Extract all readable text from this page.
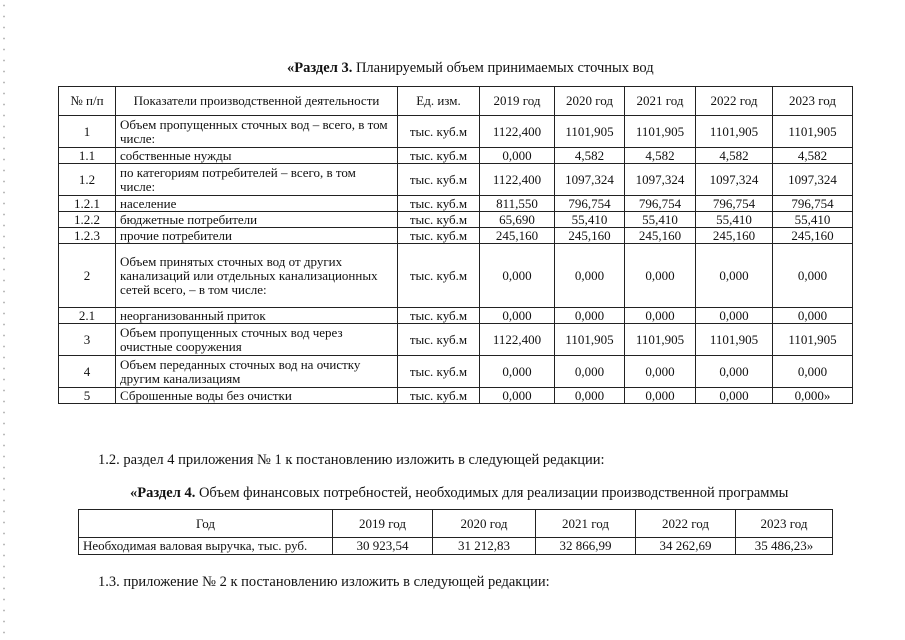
«Раздел 3. Планируемый объем принимаемых сточных вод
№ п/п	Показатели производственной деятельности	Ед. изм.	2019 год	2020 год	2021 год	2022 год	2023 год
1	Объем пропущенных сточных вод – всего, в том числе:	тыс. куб.м	1122,400	1101,905	1101,905	1101,905	1101,905
1.1	собственные нужды	тыс. куб.м	0,000	4,582	4,582	4,582	4,582
1.2	по категориям потребителей – всего, в том числе:	тыс. куб.м	1122,400	1097,324	1097,324	1097,324	1097,324
1.2.1	население	тыс. куб.м	811,550	796,754	796,754	796,754	796,754
1.2.2	бюджетные потребители	тыс. куб.м	65,690	55,410	55,410	55,410	55,410
1.2.3	прочие потребители	тыс. куб.м	245,160	245,160	245,160	245,160	245,160
2	Объем принятых сточных вод от других канализаций или отдельных канализационных сетей всего, – в том числе:	тыс. куб.м	0,000	0,000	0,000	0,000	0,000
2.1	неорганизованный приток	тыс. куб.м	0,000	0,000	0,000	0,000	0,000
3	Объем пропущенных сточных вод через очистные сооружения	тыс. куб.м	1122,400	1101,905	1101,905	1101,905	1101,905
4	Объем переданных сточных вод на очистку другим канализациям	тыс. куб.м	0,000	0,000	0,000	0,000	0,000
5	Сброшенные воды без очистки	тыс. куб.м	0,000	0,000	0,000	0,000	0,000»
1.2. раздел 4 приложения № 1 к постановлению изложить в следующей редакции:
«Раздел 4. Объем финансовых потребностей, необходимых для реализации производственной программы
Год	2019 год	2020 год	2021 год	2022 год	2023 год
Необходимая валовая выручка, тыс. руб.	30 923,54	31 212,83	32 866,99	34 262,69	35 486,23»
1.3. приложение № 2 к постановлению изложить в следующей редакции:
